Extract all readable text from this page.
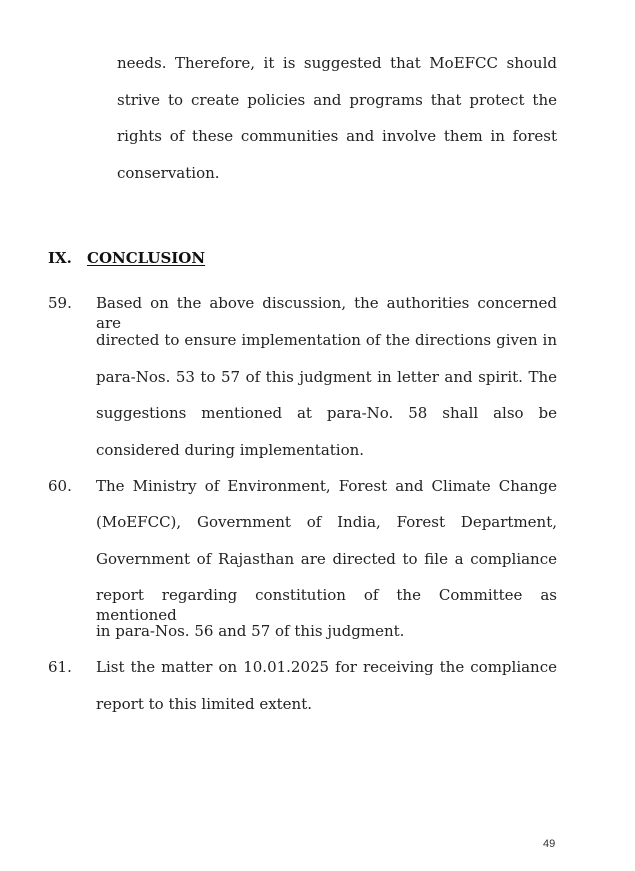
needs. Therefore, it is suggested that MoEFCC should
strive to create policies and programs that protect the
rights of these communities and involve them in forest
conservation.
IX. CONCLUSION
59. Based on the above discussion, the authorities concerned are
directed to ensure implementation of the directions given in
para-Nos. 53 to 57 of this judgment in letter and spirit. The
suggestions mentioned at para-No. 58 shall also be
considered during implementation.
60. The Ministry of Environment, Forest and Climate Change
(MoEFCC), Government of India, Forest Department,
Government of Rajasthan are directed to file a compliance
report regarding constitution of the Committee as mentioned
in para-Nos. 56 and 57 of this judgment.
61. List the matter on 10.01.2025 for receiving the compliance
report to this limited extent.
49
